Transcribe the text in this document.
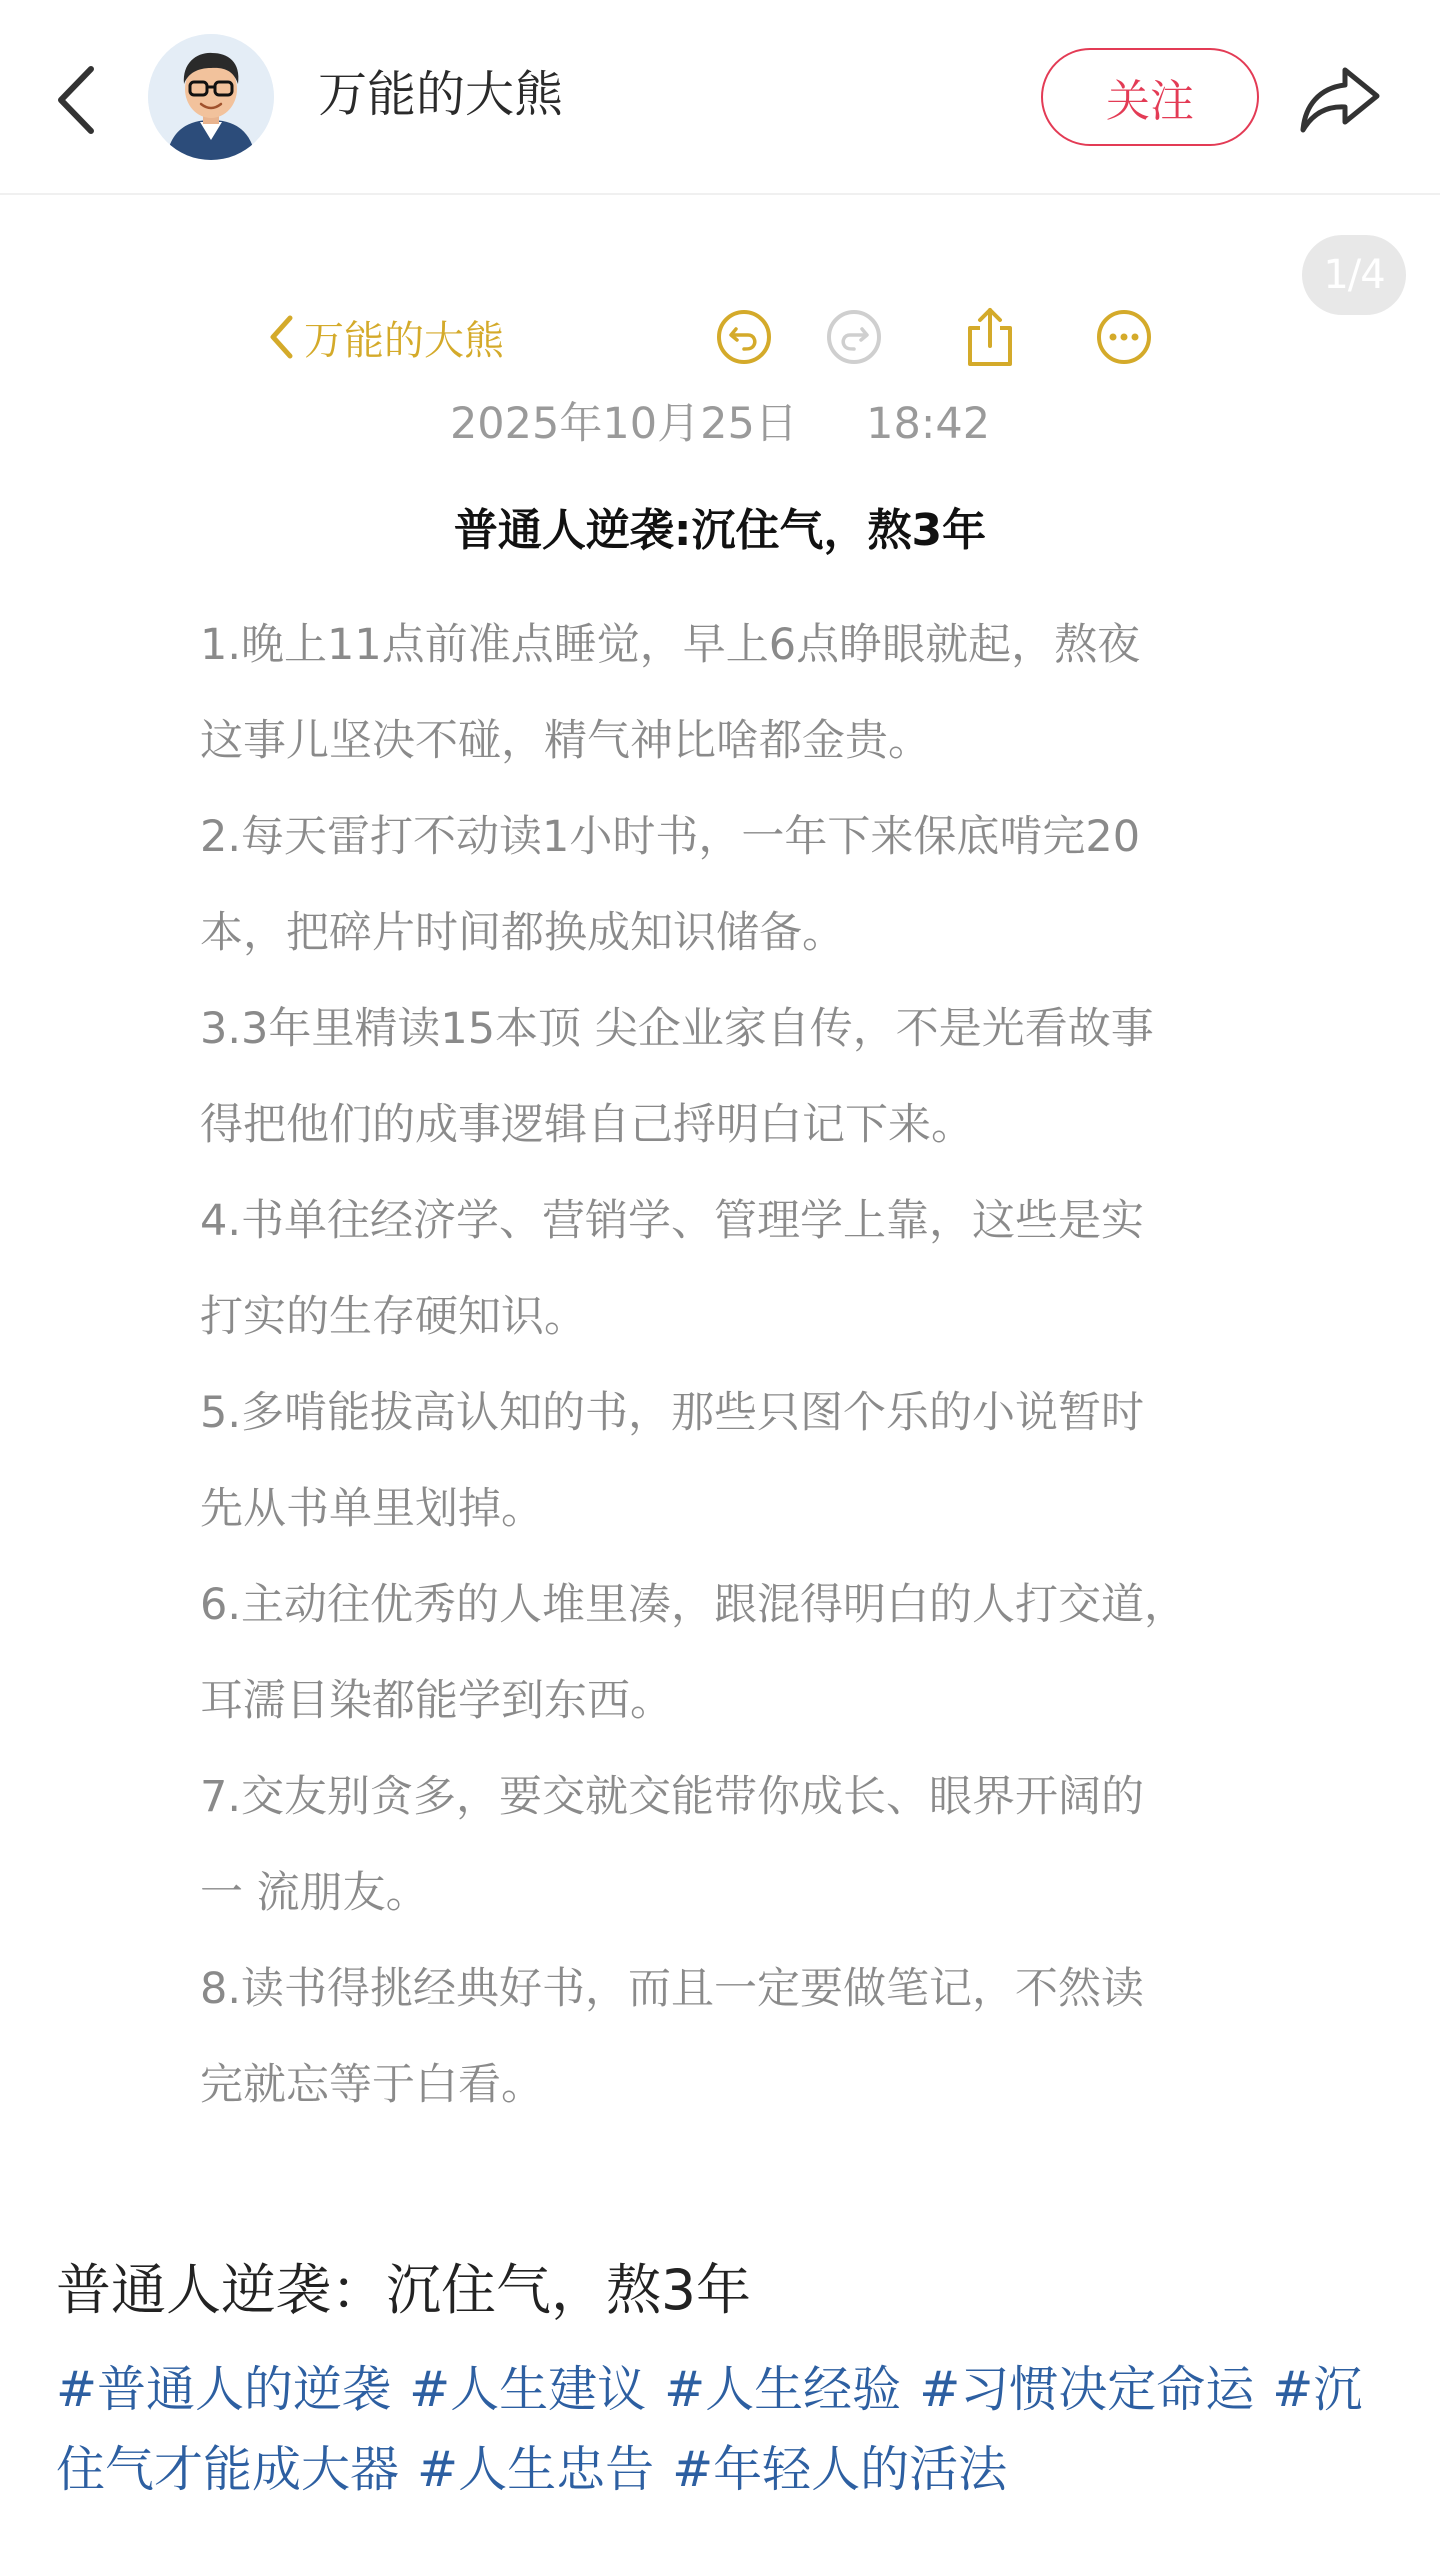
万能的大熊	关注
1/4
万能的大熊
2025年10月25日     18:42
普通人逆袭:沉住气，熬3年

1.晚上11点前准点睡觉，早上6点睁眼就起，熬夜

这事儿坚决不碰，精气神比啥都金贵。

2.每天雷打不动读1小时书，一年下来保底啃完20

本，把碎片时间都换成知识储备。

3.3年里精读15本顶 尖企业家自传，不是光看故事

得把他们的成事逻辑自己捋明白记下来。

4.书单往经济学、营销学、管理学上靠，这些是实

打实的生存硬知识。

5.多啃能拔高认知的书，那些只图个乐的小说暂时

先从书单里划掉。

6.主动往优秀的人堆里凑，跟混得明白的人打交道，

耳濡目染都能学到东西。

7.交友别贪多，要交就交能带你成长、眼界开阔的

一 流朋友。

8.读书得挑经典好书，而且一定要做笔记，不然读

完就忘等于白看。

普通人逆袭：沉住气，熬3年
#普通人的逆袭 #人生建议 #人生经验 #习惯决定命运 #沉住气才能成大器 #人生忠告 #年轻人的活法
